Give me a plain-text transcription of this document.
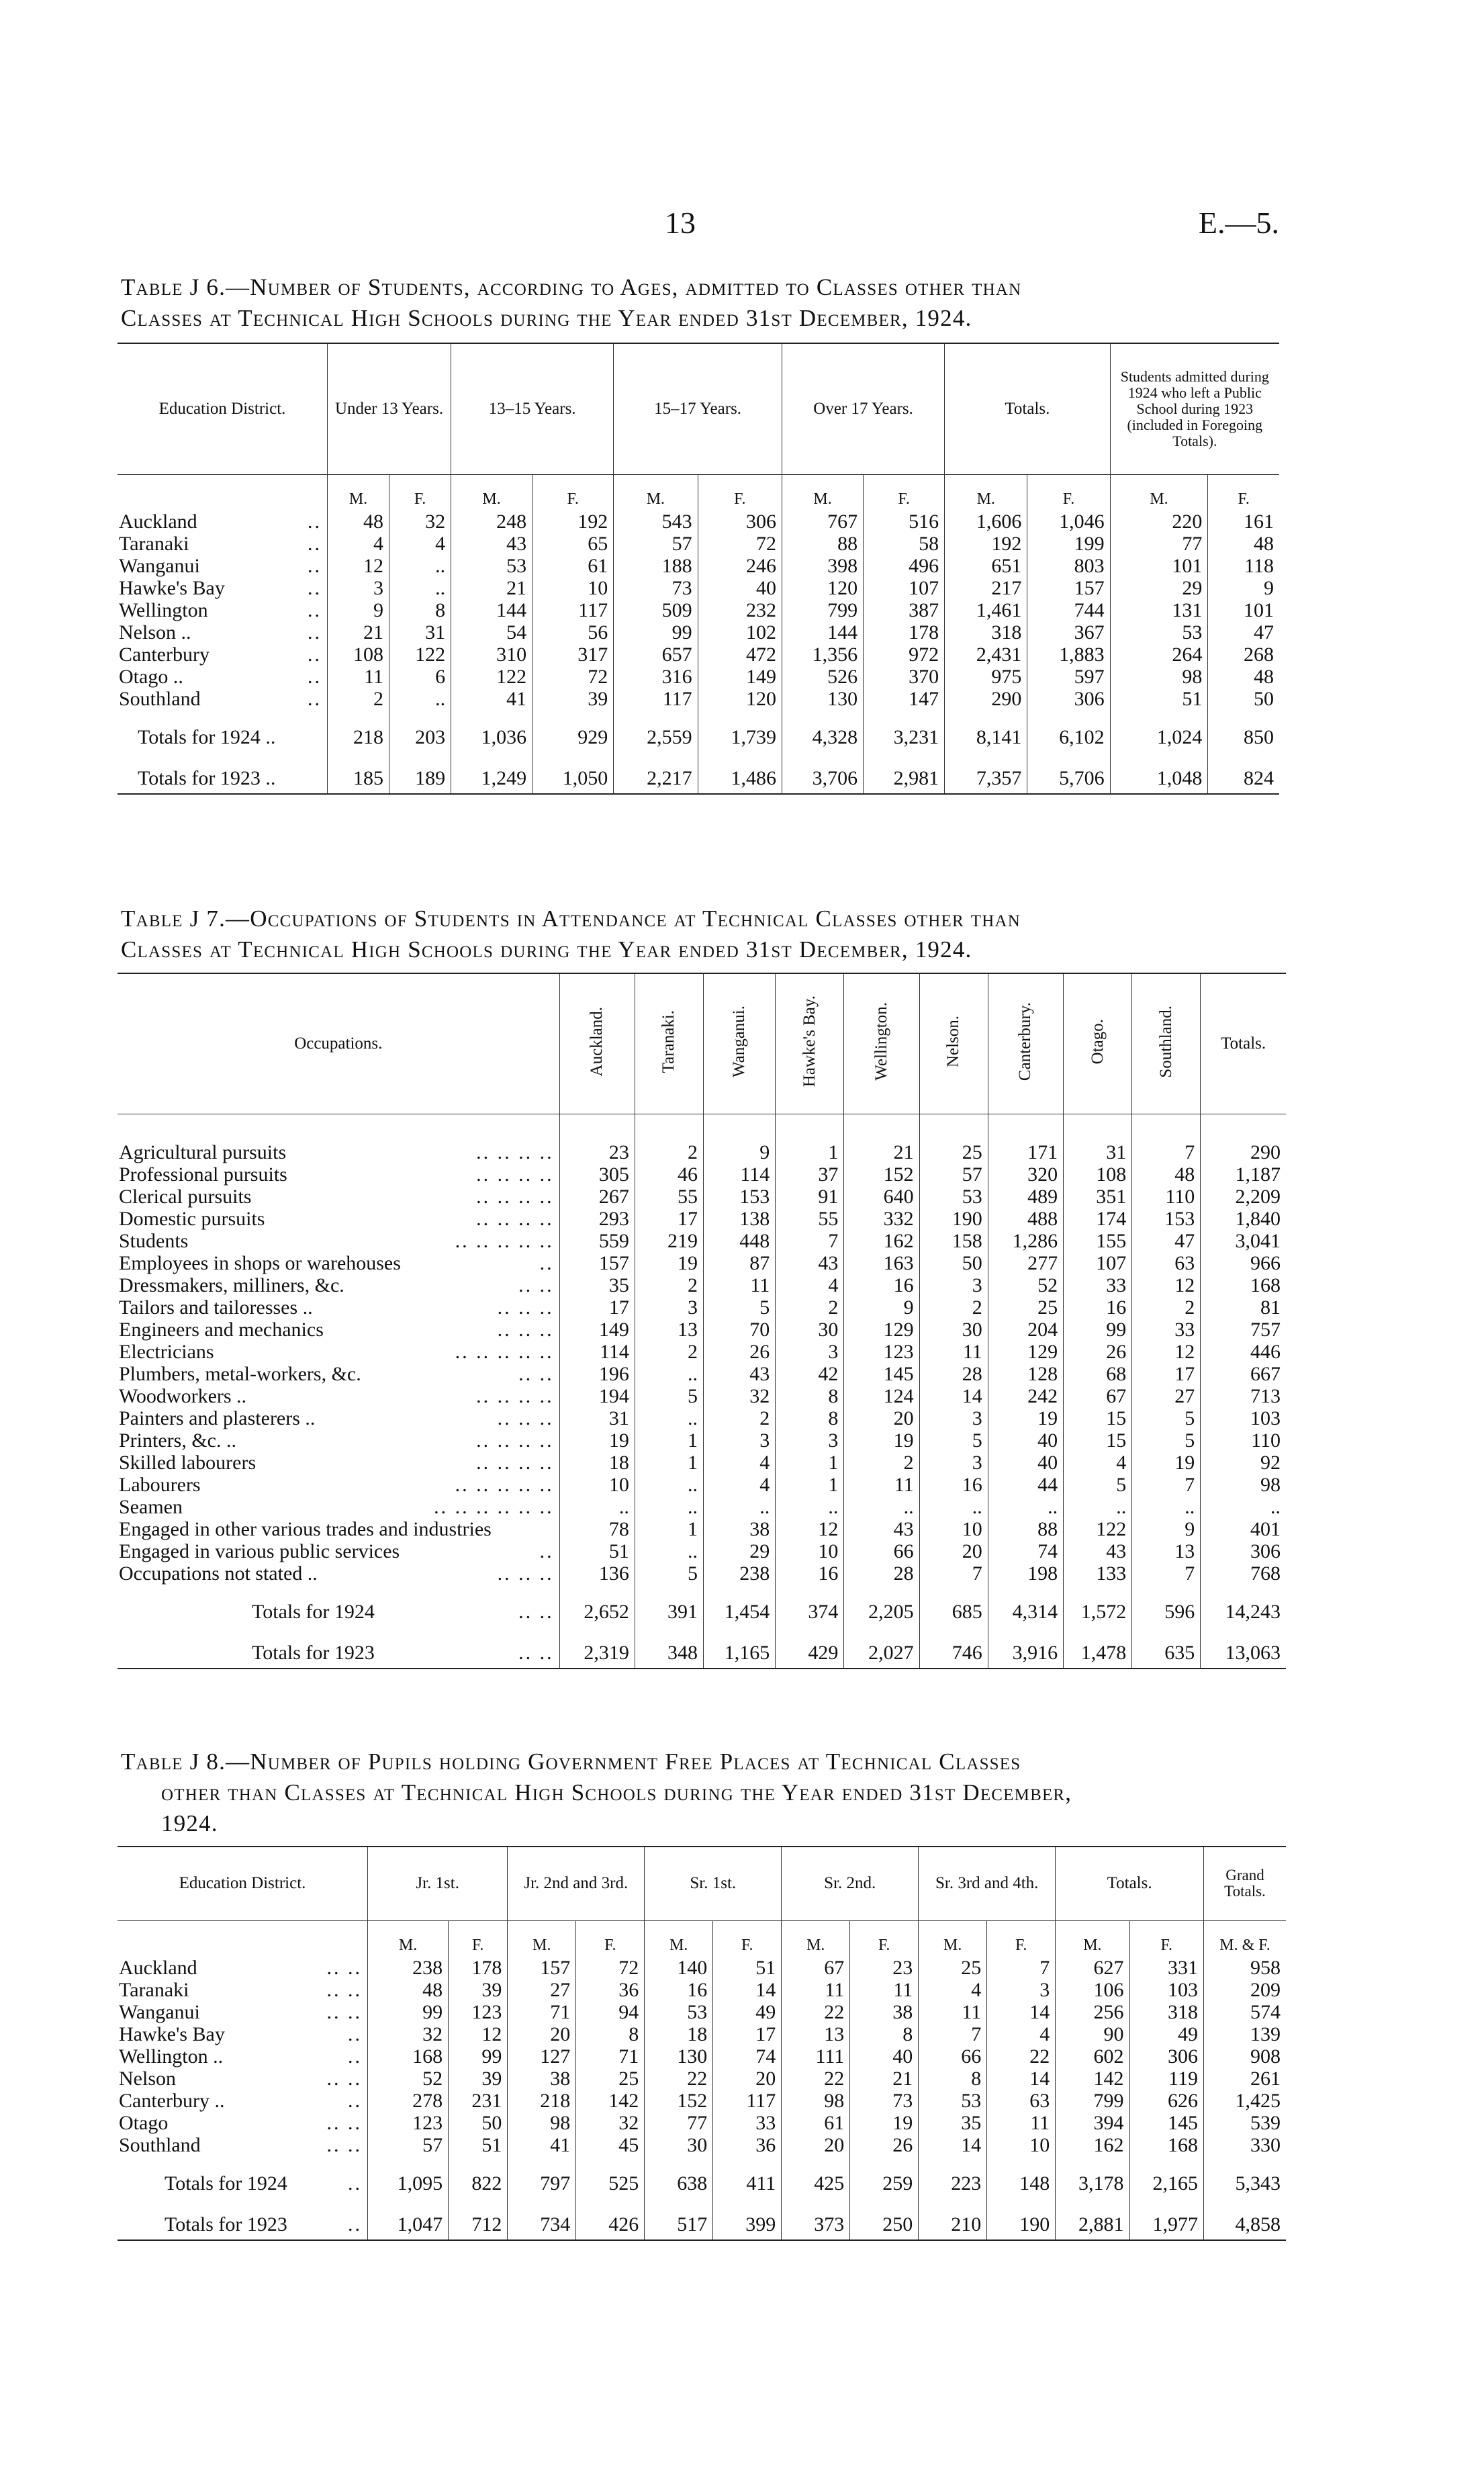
13	E.—5.
Table J 6.—Number of Students, according to Ages, admitted to Classes other than
Classes at Technical High Schools during the Year ended 31st December, 1924.
Education District.	Under 13 Years.		13–15 Years.		15–17 Years.		Over 17 Years.		Totals.		Students admitted during 1924 who left a Public School during 1923 (included in Foregoing Totals).	
	M.	F.	M.	F.	M.	F.	M.	F.	M.	F.	M.	F.
Auckland ..	48	32	248	192	543	306	767	516	1,606	1,046	220	161
Taranaki ..	4	4	43	65	57	72	88	58	192	199	77	48
Wanganui ..	12	..	53	61	188	246	398	496	651	803	101	118
Hawke's Bay ..	3	..	21	10	73	40	120	107	217	157	29	9
Wellington ..	9	8	144	117	509	232	799	387	1,461	744	131	101
Nelson .. ..	21	31	54	56	99	102	144	178	318	367	53	47
Canterbury ..	108	122	310	317	657	472	1,356	972	2,431	1,883	264	268
Otago .. ..	11	6	122	72	316	149	526	370	975	597	98	48
Southland ..	2	..	41	39	117	120	130	147	290	306	51	50
Totals for 1924 ..	218	203	1,036	929	2,559	1,739	4,328	3,231	8,141	6,102	1,024	850
Totals for 1923 ..	185	189	1,249	1,050	2,217	1,486	3,706	2,981	7,357	5,706	1,048	824
Table J 7.—Occupations of Students in Attendance at Technical Classes other than
Classes at Technical High Schools during the Year ended 31st December, 1924.
Occupations.	Auckland.	Taranaki.	Wanganui.	Hawke's Bay.	Wellington.	Nelson.	Canterbury.	Otago.	Southland.	Totals.
Agricultural pursuits .. .. .. ..	23	2	9	1	21	25	171	31	7	290
Professional pursuits .. .. .. ..	305	46	114	37	152	57	320	108	48	1,187
Clerical pursuits .. .. .. ..	267	55	153	91	640	53	489	351	110	2,209
Domestic pursuits .. .. .. ..	293	17	138	55	332	190	488	174	153	1,840
Students .. .. .. .. ..	559	219	448	7	162	158	1,286	155	47	3,041
Employees in shops or warehouses ..	157	19	87	43	163	50	277	107	63	966
Dressmakers, milliners, &c. .. ..	35	2	11	4	16	3	52	33	12	168
Tailors and tailoresses .. .. .. ..	17	3	5	2	9	2	25	16	2	81
Engineers and mechanics .. .. ..	149	13	70	30	129	30	204	99	33	757
Electricians .. .. .. .. ..	114	2	26	3	123	11	129	26	12	446
Plumbers, metal-workers, &c. .. ..	196	..	43	42	145	28	128	68	17	667
Woodworkers .. .. .. .. ..	194	5	32	8	124	14	242	67	27	713
Painters and plasterers .. .. .. ..	31	..	2	8	20	3	19	15	5	103
Printers, &c. .. .. .. .. ..	19	1	3	3	19	5	40	15	5	110
Skilled labourers .. .. .. ..	18	1	4	1	2	3	40	4	19	92
Labourers .. .. .. .. ..	10	..	4	1	11	16	44	5	7	98
Seamen .. .. .. .. .. ..	..	..	..	..	..	..	..	..	..	..
Engaged in other various trades and industries	78	1	38	12	43	10	88	122	9	401
Engaged in various public services ..	51	..	29	10	66	20	74	43	13	306
Occupations not stated .. .. .. ..	136	5	238	16	28	7	198	133	7	768
Totals for 1924 .. ..	2,652	391	1,454	374	2,205	685	4,314	1,572	596	14,243
Totals for 1923 .. ..	2,319	348	1,165	429	2,027	746	3,916	1,478	635	13,063
Table J 8.—Number of Pupils holding Government Free Places at Technical Classes
other than Classes at Technical High Schools during the Year ended 31st December,
1924.
Education District.	Jr. 1st.		Jr. 2nd and 3rd.		Sr. 1st.		Sr. 2nd.		Sr. 3rd and 4th.		Totals.		Grand Totals.
	M.	F.	M.	F.	M.	F.	M.	F.	M.	F.	M.	F.	M. & F.
Auckland .. ..	238	178	157	72	140	51	67	23	25	7	627	331	958
Taranaki .. ..	48	39	27	36	16	14	11	11	4	3	106	103	209
Wanganui .. ..	99	123	71	94	53	49	22	38	11	14	256	318	574
Hawke's Bay ..	32	12	20	8	18	17	13	8	7	4	90	49	139
Wellington .. ..	168	99	127	71	130	74	111	40	66	22	602	306	908
Nelson .. ..	52	39	38	25	22	20	22	21	8	14	142	119	261
Canterbury .. ..	278	231	218	142	152	117	98	73	53	63	799	626	1,425
Otago .. ..	123	50	98	32	77	33	61	19	35	11	394	145	539
Southland .. ..	57	51	41	45	30	36	20	26	14	10	162	168	330
Totals for 1924 ..	1,095	822	797	525	638	411	425	259	223	148	3,178	2,165	5,343
Totals for 1923 ..	1,047	712	734	426	517	399	373	250	210	190	2,881	1,977	4,858
